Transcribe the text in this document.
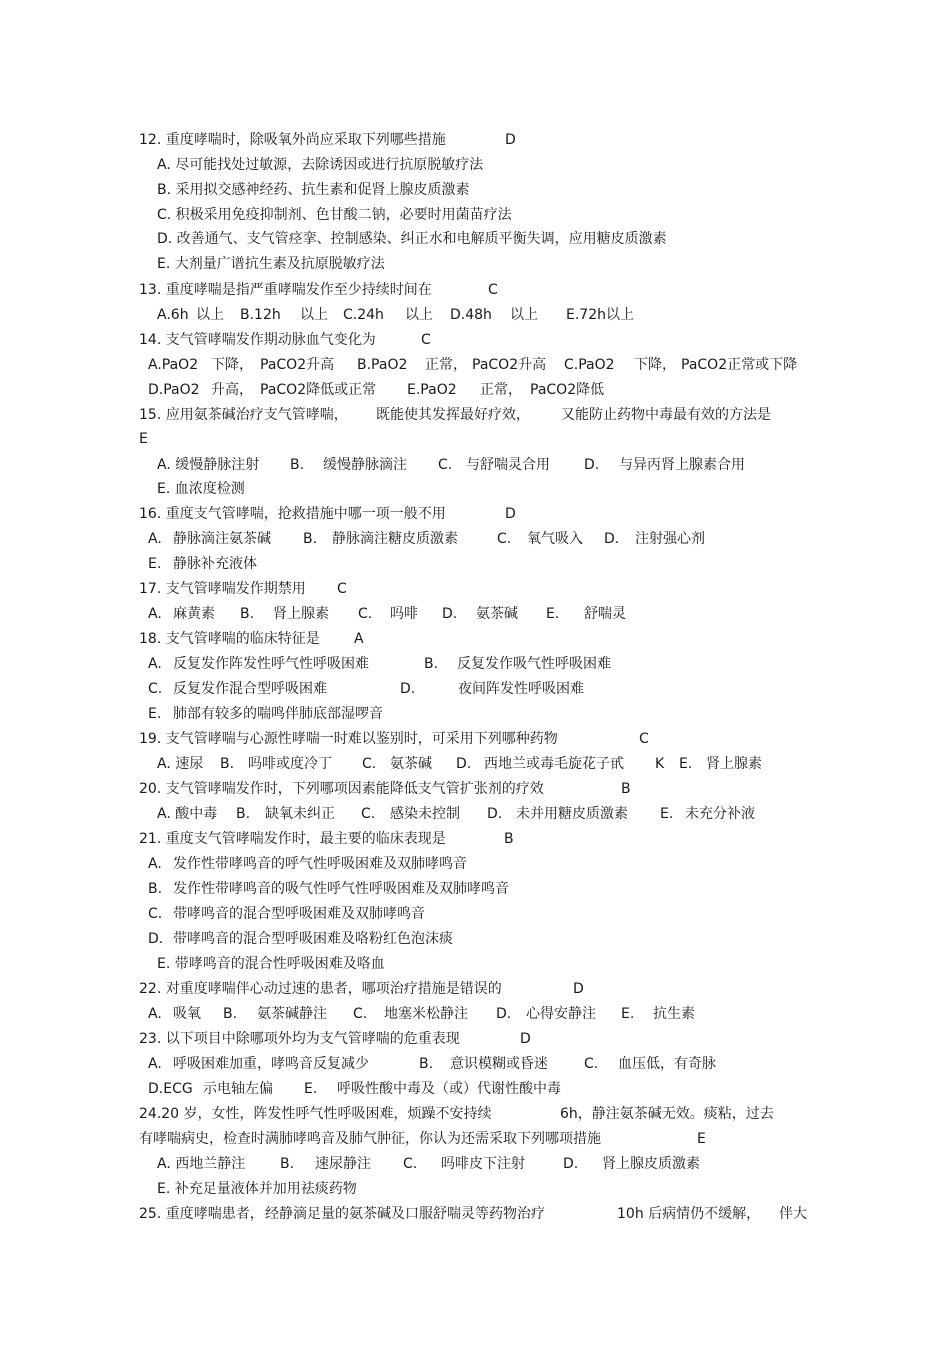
12. 重度哮喘时，除吸氧外尚应采取下列哪些措施	D
A. 尽可能找处过敏源，去除诱因或进行抗原脱敏疗法
B. 采用拟交感神经药、抗生素和促肾上腺皮质激素
C. 积极采用免疫抑制剂、色甘酸二钠，必要时用菌苗疗法
D. 改善通气、支气管痉挛、控制感染、纠正水和电解质平衡失调，应用糖皮质激素
E. 大剂量广谱抗生素及抗原脱敏疗法
13. 重度哮喘是指严重哮喘发作至少持续时间在	C
A.6h 以上 B.12h 以上 C.24h 以上 D.48h 以上 E.72h 以上
14. 支气管哮喘发作期动脉血气变化为	C
A.PaO2 下降， PaCO2升高 B.PaO2 正常， PaCO2升高 C.PaO2 下降， PaCO2正常或下降
D.PaO2 升高， PaCO2降低或正常 E.PaO2 正常， PaCO2降低
15. 应用氨茶碱治疗支气管哮喘， 既能使其发挥最好疗效， 又能防止药物中毒最有效的方法是
E
A. 缓慢静脉注射 B. 缓慢静脉滴注 C. 与舒喘灵合用 D. 与异丙肾上腺素合用
E. 血浓度检测
16. 重度支气管哮喘，抢救措施中哪一项一般不用	D
A. 静脉滴注氨茶碱 B. 静脉滴注糖皮质激素	C. 氧气吸入 D. 注射强心剂
E. 静脉补充液体
17. 支气管哮喘发作期禁用 C
A. 麻黄素 B. 肾上腺素 C. 吗啡 D. 氨茶碱 E. 舒喘灵
18. 支气管哮喘的临床特征是 A
A. 反复发作阵发性呼气性呼吸困难	B. 反复发作吸气性呼吸困难
C. 反复发作混合型呼吸困难	D.	夜间阵发性呼吸困难
E. 肺部有较多的喘鸣伴肺底部湿啰音
19. 支气管哮喘与心源性哮喘一时难以鉴别时，可采用下列哪种药物	C
A. 速尿 B. 吗啡或度冷丁 C. 氨茶碱 D. 西地兰或毒毛旋花子甙 K E. 肾上腺素
20. 支气管哮喘发作时，下列哪项因素能降低支气管扩张剂的疗效	B
A. 酸中毒 B. 缺氧未纠正 C. 感染未控制 D. 未并用糖皮质激素 E. 未充分补液
21. 重度支气管哮喘发作时，最主要的临床表现是	B
A. 发作性带哮鸣音的呼气性呼吸困难及双肺哮鸣音
B. 发作性带哮鸣音的吸气性呼气性呼吸困难及双肺哮鸣音
C. 带哮鸣音的混合型呼吸困难及双肺哮鸣音
D. 带哮鸣音的混合型呼吸困难及咯粉红色泡沫痰
E. 带哮鸣音的混合性呼吸困难及咯血
22. 对重度哮喘伴心动过速的患者，哪项治疗措施是错误的	D
A. 吸氧 B. 氨茶碱静注 C. 地塞米松静注 D. 心得安静注 E. 抗生素
23. 以下项目中除哪项外均为支气管哮喘的危重表现	D
A. 呼吸困难加重，哮鸣音反复减少	B. 意识模糊或昏迷	C. 血压低，有奇脉
D.ECG 示电轴左偏 E. 呼吸性酸中毒及（或）代谢性酸中毒
24.20 岁，女性，阵发性呼气性呼吸困难，烦躁不安持续	6h，静注氨茶碱无效。痰粘，过去
有哮喘病史，检查时满肺哮鸣音及肺气肿征，你认为还需采取下列哪项措施	E
A. 西地兰静注 B. 速尿静注 C. 吗啡皮下注射	D. 肾上腺皮质激素
E. 补充足量液体并加用祛痰药物
25. 重度哮喘患者， 经静滴足量的氨茶碱及口服舒喘灵等药物治疗	10h 后病情仍不缓解， 伴大
